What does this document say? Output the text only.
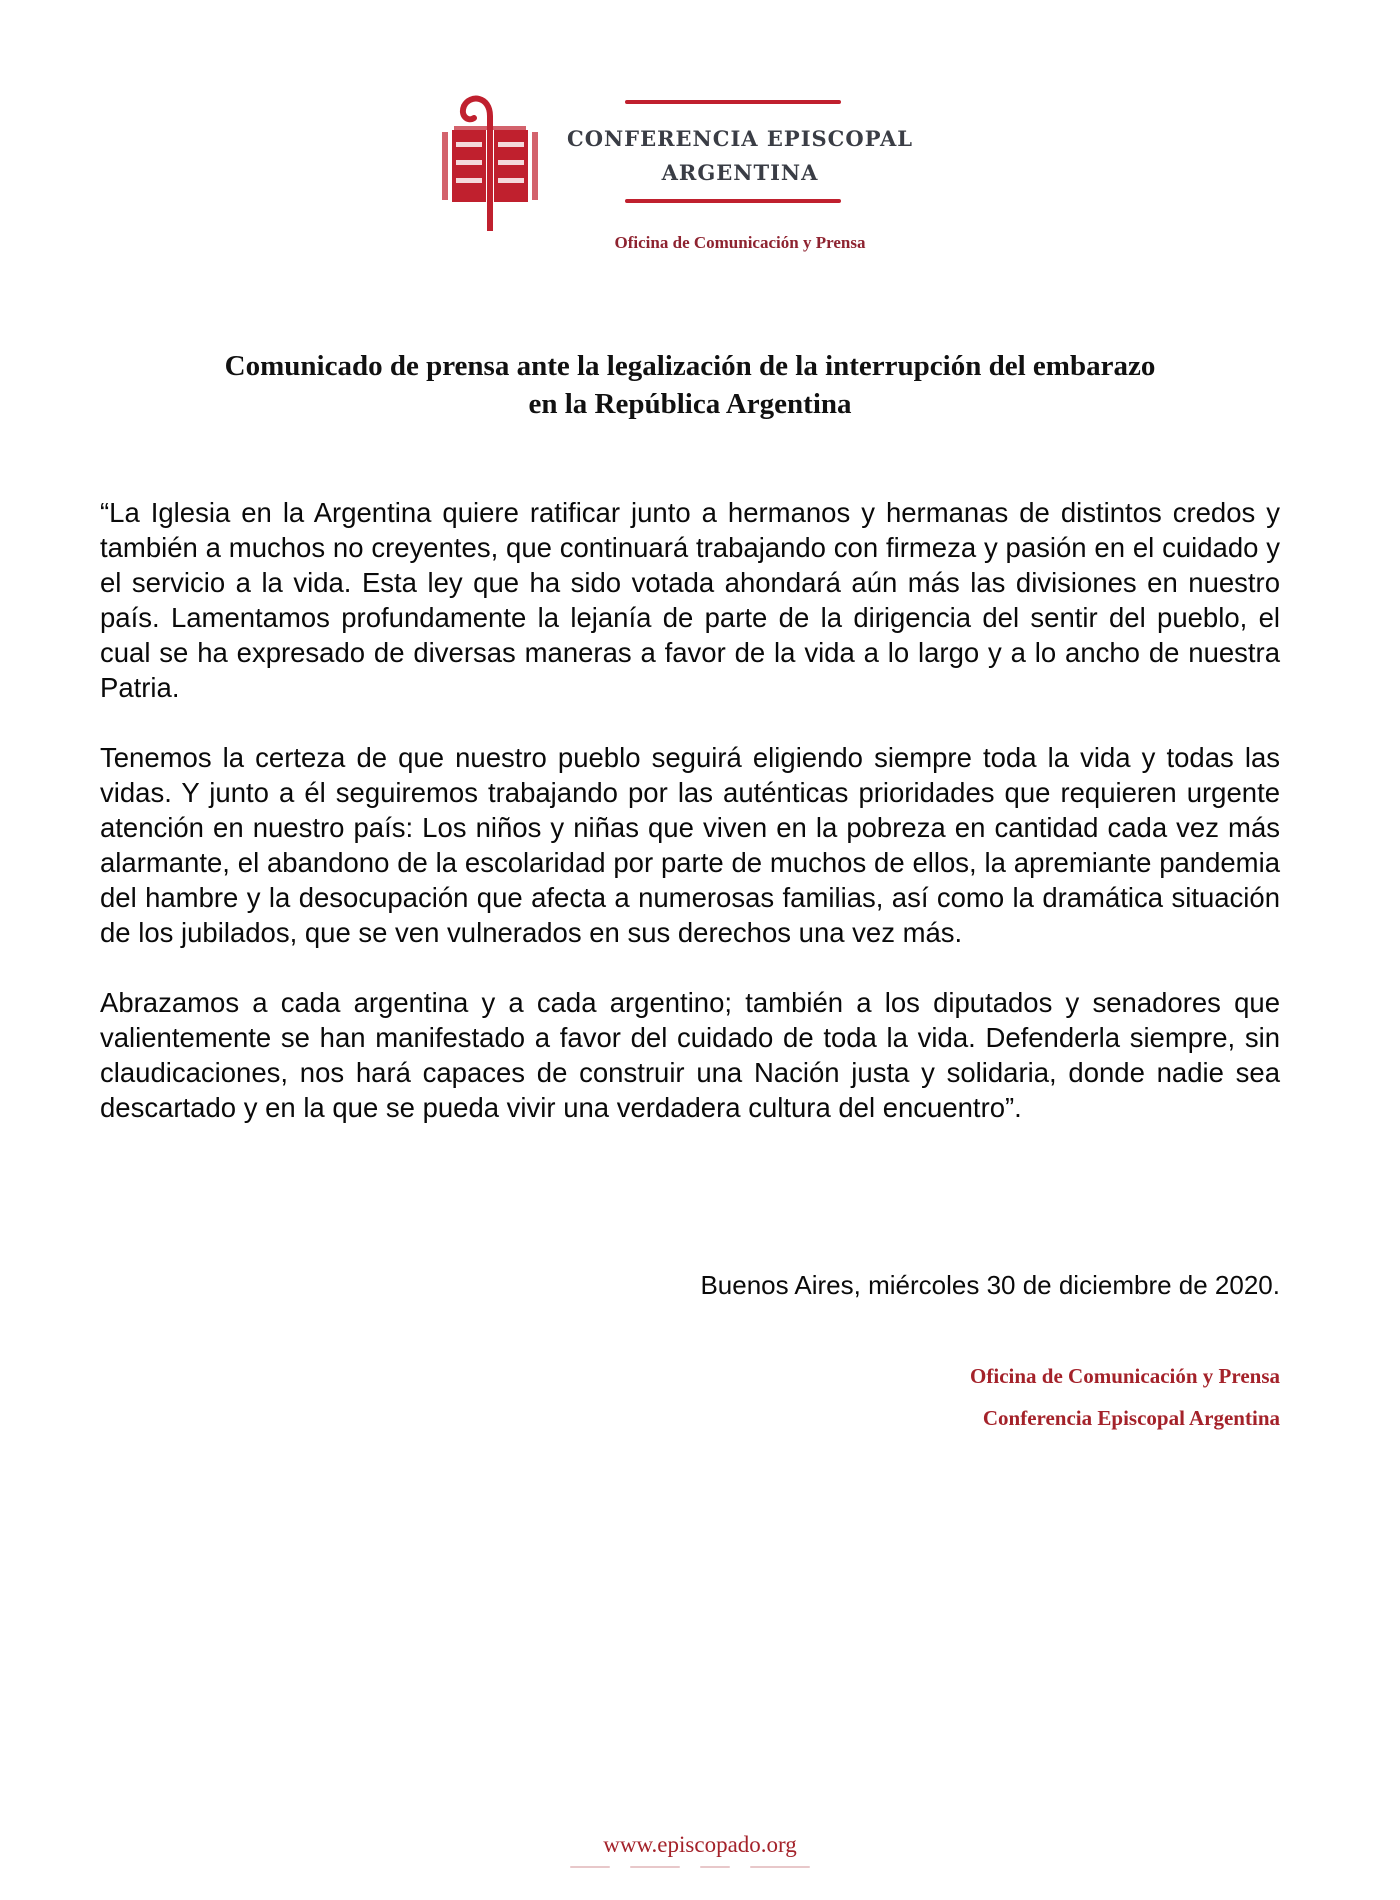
CONFERENCIA EPISCOPAL
ARGENTINA
Oficina de Comunicación y Prensa
Comunicado de prensa ante la legalización de la interrupción del embarazo
en la República Argentina

“La Iglesia en la Argentina quiere ratificar junto a hermanos y hermanas de distintos credos y también a muchos no creyentes, que continuará trabajando con firmeza y pasión en el cuidado y el servicio a la vida. Esta ley que ha sido votada ahondará aún más las divisiones en nuestro país. Lamentamos profundamente la lejanía de parte de la dirigencia del sentir del pueblo, el cual se ha expresado de diversas maneras a favor de la vida a lo largo y a lo ancho de nuestra Patria.

Tenemos la certeza de que nuestro pueblo seguirá eligiendo siempre toda la vida y todas las vidas. Y junto a él seguiremos trabajando por las auténticas prioridades que requieren urgente atención en nuestro país: Los niños y niñas que viven en la pobreza en cantidad cada vez más alarmante, el abandono de la escolaridad por parte de muchos de ellos, la apremiante pandemia del hambre y la desocupación que afecta a numerosas familias, así como la dramática situación de los jubilados, que se ven vulnerados en sus derechos una vez más.

Abrazamos a cada argentina y a cada argentino; también a los diputados y senadores que valientemente se han manifestado a favor del cuidado de toda la vida. Defenderla siempre, sin claudicaciones, nos hará capaces de construir una Nación justa y solidaria, donde nadie sea descartado y en la que se pueda vivir una verdadera cultura del encuentro”.

Buenos Aires, miércoles 30 de diciembre de 2020.
Oficina de Comunicación y Prensa
Conferencia Episcopal Argentina
www.episcopado.org
